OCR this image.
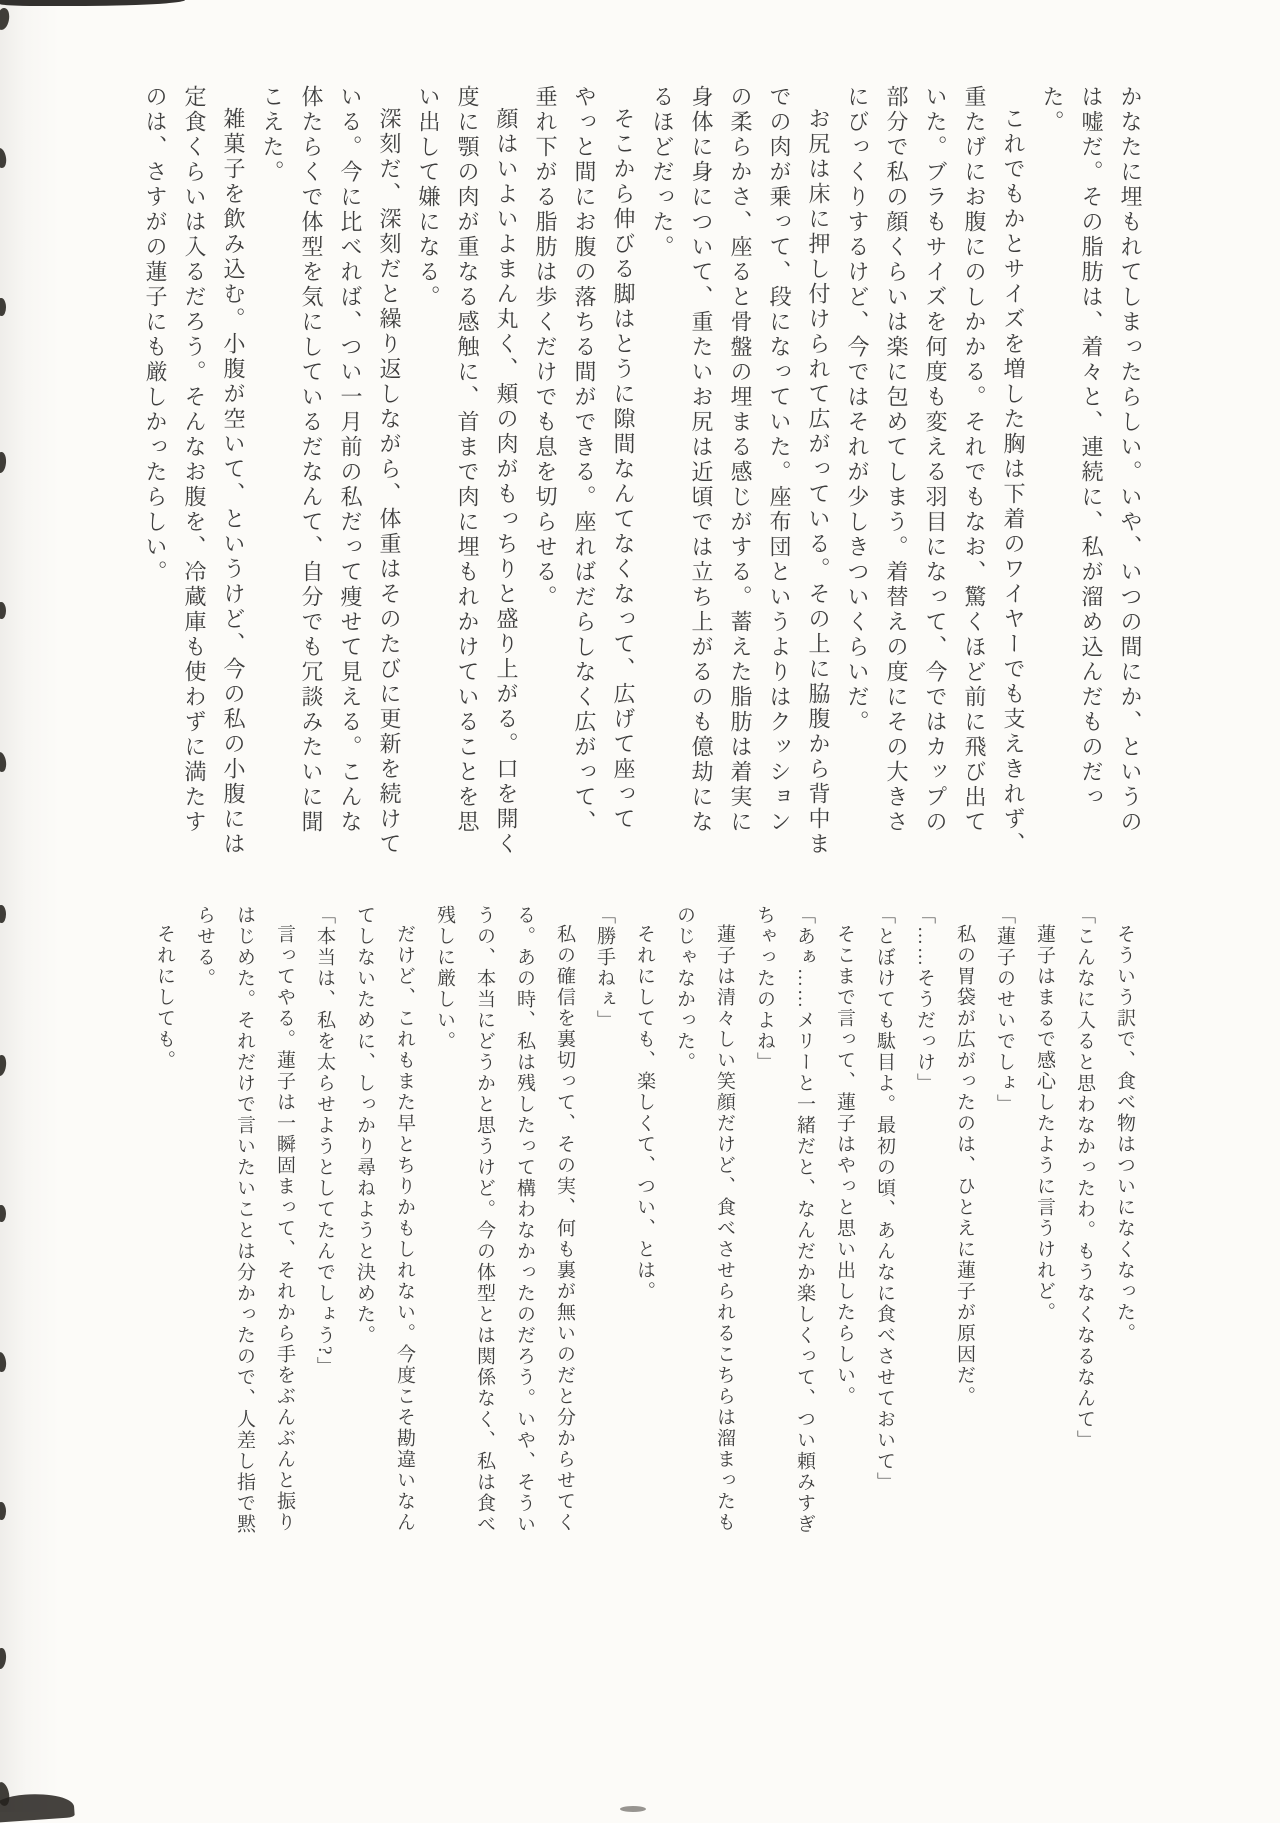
かなたに埋もれてしまったらしい。いや、いつの間にか、というのは嘘だ。その脂肪は、着々と、連続に、私が溜め込んだものだった。

これでもかとサイズを増した胸は下着のワイヤーでも支えきれず、重たげにお腹にのしかかる。それでもなお、驚くほど前に飛び出ていた。ブラもサイズを何度も変える羽目になって、今ではカップの部分で私の顔くらいは楽に包めてしまう。着替えの度にその大きさにびっくりするけど、今ではそれが少しきついくらいだ。

お尻は床に押し付けられて広がっている。その上に脇腹から背中までの肉が乗って、段になっていた。座布団というよりはクッションの柔らかさ、座ると骨盤の埋まる感じがする。蓄えた脂肪は着実に身体に身について、重たいお尻は近頃では立ち上がるのも億劫になるほどだった。

そこから伸びる脚はとうに隙間なんてなくなって、広げて座ってやっと間にお腹の落ちる間ができる。座ればだらしなく広がって、垂れ下がる脂肪は歩くだけでも息を切らせる。

顔はいよいよまん丸く、頬の肉がもっちりと盛り上がる。口を開く度に顎の肉が重なる感触に、首まで肉に埋もれかけていることを思い出して嫌になる。

深刻だ、深刻だと繰り返しながら、体重はそのたびに更新を続けている。今に比べれば、つい一月前の私だって痩せて見える。こんな体たらくで体型を気にしているだなんて、自分でも冗談みたいに聞こえた。

雑菓子を飲み込む。小腹が空いて、というけど、今の私の小腹には定食くらいは入るだろう。そんなお腹を、冷蔵庫も使わずに満たすのは、さすがの蓮子にも厳しかったらしい。

そういう訳で、食べ物はついになくなった。

「こんなに入ると思わなかったわ。もうなくなるなんて」

蓮子はまるで感心したように言うけれど。

「蓮子のせいでしょ」

私の胃袋が広がったのは、ひとえに蓮子が原因だ。

「……そうだっけ」

「とぼけても駄目よ。最初の頃、あんなに食べさせておいて」

そこまで言って、蓮子はやっと思い出したらしい。

「あぁ……メリーと一緒だと、なんだか楽しくって、つい頼みすぎちゃったのよね」

蓮子は清々しい笑顔だけど、食べさせられるこちらは溜まったものじゃなかった。

それにしても、楽しくて、つい、とは。

「勝手ねぇ」

私の確信を裏切って、その実、何も裏が無いのだと分からせてくる。あの時、私は残したって構わなかったのだろう。いや、そういうの、本当にどうかと思うけど。今の体型とは関係なく、私は食べ残しに厳しい。

だけど、これもまた早とちりかもしれない。今度こそ勘違いなんてしないために、しっかり尋ねようと決めた。

「本当は、私を太らせようとしてたんでしょう?」

言ってやる。蓮子は一瞬固まって、それから手をぶんぶんと振りはじめた。それだけで言いたいことは分かったので、人差し指で黙らせる。

それにしても。
